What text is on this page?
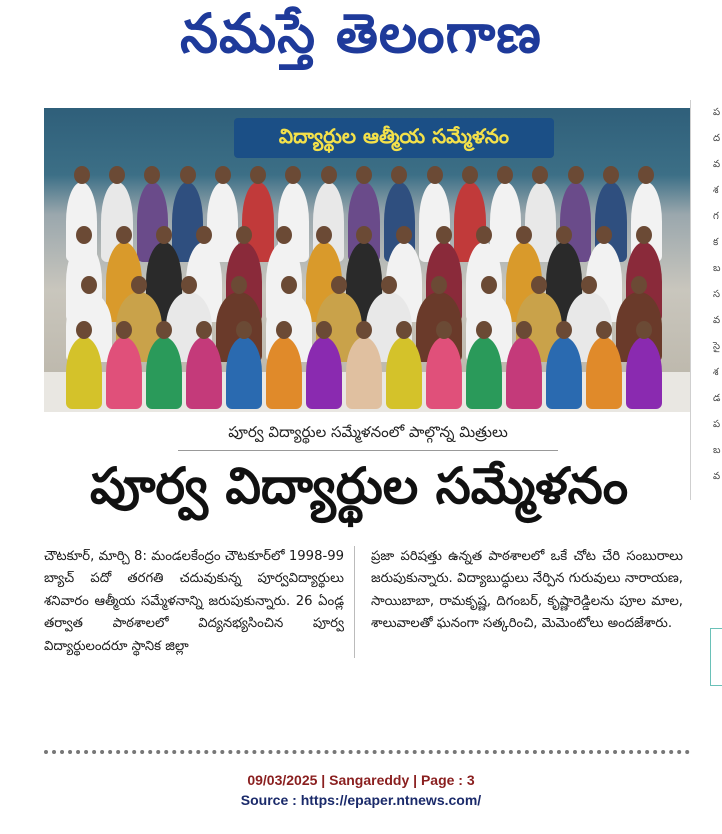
నమస్తే తెలంగాణ
ప
ద
వ
శ
గ
క
బ
స
వ
సై
శ
డ
ప
బ
వ
విద్యార్థుల ఆత్మీయ సమ్మేళనం
పూర్వ విద్యార్థుల సమ్మేళనంలో పాల్గొన్న మిత్రులు
పూర్వ విద్యార్థుల సమ్మేళనం
చౌటకూర్, మార్చి 8: మండలకేంద్రం చౌటకూర్‌లో 1998-99 బ్యాచ్ పదో తరగతి చదువుకున్న పూర్వవిద్యార్థులు శనివారం ఆత్మీయ సమ్మేళనాన్ని జరుపుకున్నారు. 26 ఏండ్ల తర్వాత పాఠశాలలో విద్యనభ్యసించిన పూర్వ విద్యార్థులందరూ స్థానిక జిల్లా
ప్రజా పరిషత్తు ఉన్నత పాఠశాలలో ఒకే చోట చేరి సంబురాలు జరుపుకున్నారు. విద్యాబుద్ధులు నేర్పిన గురువులు నారాయణ, సాయిబాబా, రామకృష్ణ, దిగంబర్, కృష్ణారెడ్డిలను పూల మాల, శాలువాలతో ఘనంగా సత్కరించి, మెమెంటోలు అందజేశారు.
09/03/2025 | Sangareddy | Page : 3
Source : https://epaper.ntnews.com/
